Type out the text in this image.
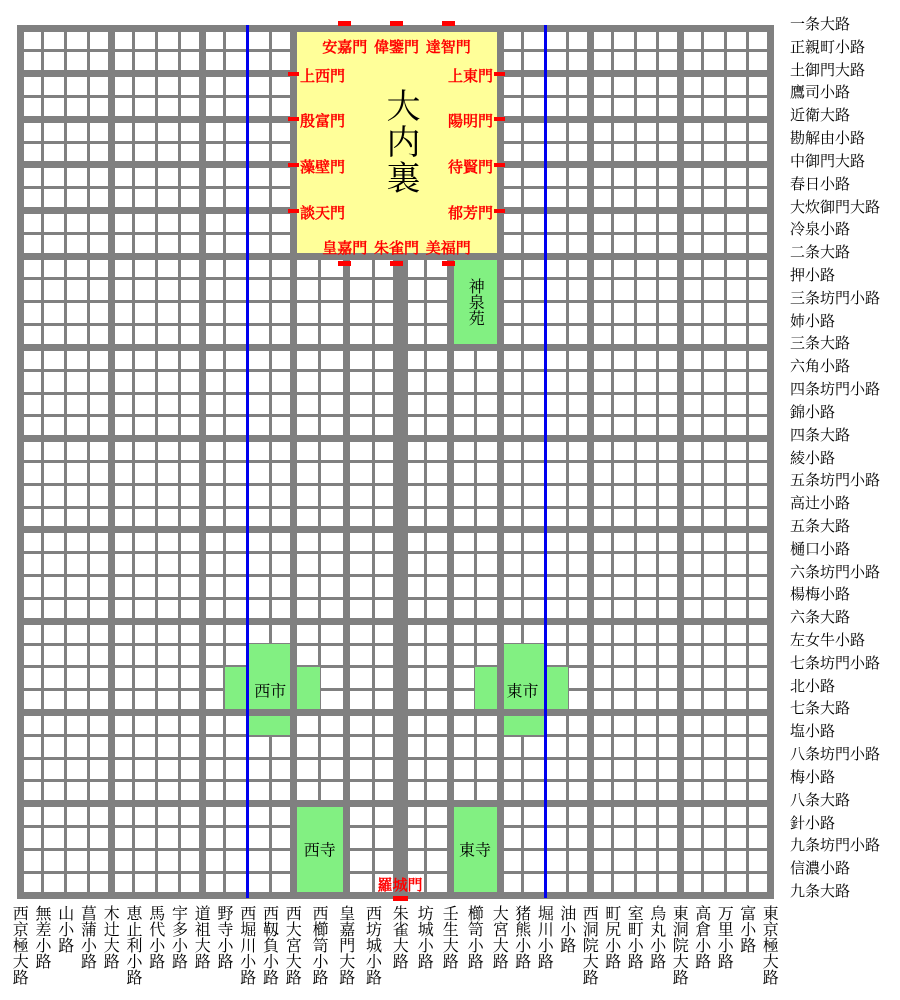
大内裏
羅城門
一条大路
正親町小路
土御門大路
鷹司小路
近衛大路
勘解由小路
中御門大路
春日小路
大炊御門大路
冷泉小路
二条大路
押小路
三条坊門小路
姉小路
三条大路
六角小路
四条坊門小路
錦小路
四条大路
綾小路
五条坊門小路
高辻小路
五条大路
樋口小路
六条坊門小路
楊梅小路
六条大路
左女牛小路
七条坊門小路
北小路
七条大路
塩小路
八条坊門小路
梅小路
八条大路
針小路
九条坊門小路
信濃小路
九条大路
西京極大路 無差小路 山小路 菖蒲小路 木辻大路 恵止利小路 馬代小路 宇多小路 道祖大路 野寺小路 西堀川小路 西靱負小路 西大宮大路 西櫛笥小路 皇嘉門大路 西坊城小路 朱雀大路 坊城小路 壬生大路 櫛笥小路 大宮大路 猪熊小路 堀川小路 油小路 西洞院大路 町尻小路 室町小路 烏丸小路 東洞院大路 高倉小路 万里小路 富小路 東京極大路
神泉苑
西市	東市
西寺	東寺
安嘉門 偉鑒門 達智門
皇嘉門 朱雀門 美福門
上西門
殷富門
藻壁門
談天門
上東門
陽明門
待賢門
郁芳門
